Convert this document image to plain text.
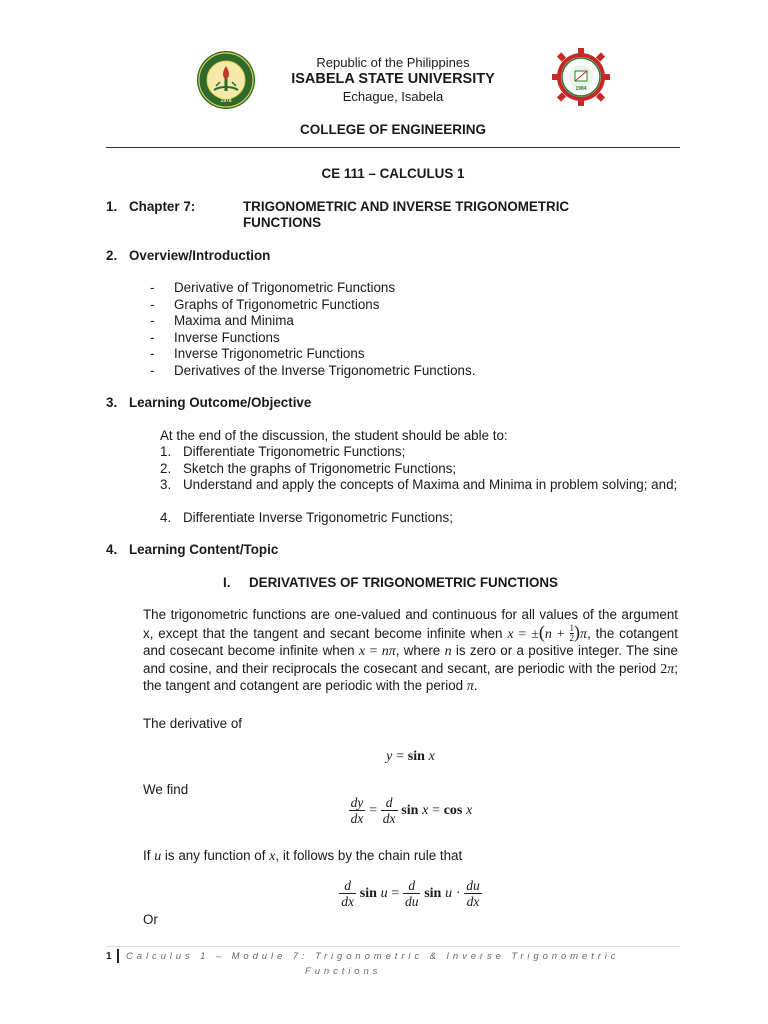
1978
Republic of the Philippines
ISABELA STATE UNIVERSITY
Echague, Isabela	1984
COLLEGE OF ENGINEERING
CE 111 – CALCULUS 1
1. Chapter 7:	TRIGONOMETRIC AND INVERSE TRIGONOMETRIC
FUNCTIONS
2. Overview/Introduction
- Derivative of Trigonometric Functions
- Graphs of Trigonometric Functions
- Maxima and Minima
- Inverse Functions
- Inverse Trigonometric Functions
- Derivatives of the Inverse Trigonometric Functions.
3. Learning Outcome/Objective
At the end of the discussion, the student should be able to:
1. Differentiate Trigonometric Functions;
2. Sketch the graphs of Trigonometric Functions;
3. Understand and apply the concepts of Maxima and Minima in problem solving; and;
4. Differentiate Inverse Trigonometric Functions;
4. Learning Content/Topic
I. DERIVATIVES OF TRIGONOMETRIC FUNCTIONS
The trigonometric functions are one-valued and continuous for all values of the argument x, except that the tangent and secant become infinite when $x = \pm(n + \frac{1}{2})\pi$, the cotangent and cosecant become infinite when x = nπ, where n is zero or a positive integer. The sine and cosine, and their reciprocals the cosecant and secant, are periodic with the period 2π; the tangent and cotangent are periodic with the period π.
The derivative of
y = sin x
We find
$\frac{dy}{dx} = \frac{d}{dx}$ sin x = cos x
If u is any function of x, it follows by the chain rule that
$\frac{d}{dx}$ $\sin u = \frac{d}{du}$ $\sin u \cdot \frac{du}{dx}$
Or
1 Calculus 1 – Module 7: Trigonometric & Inverse Trigonometric
Functions
